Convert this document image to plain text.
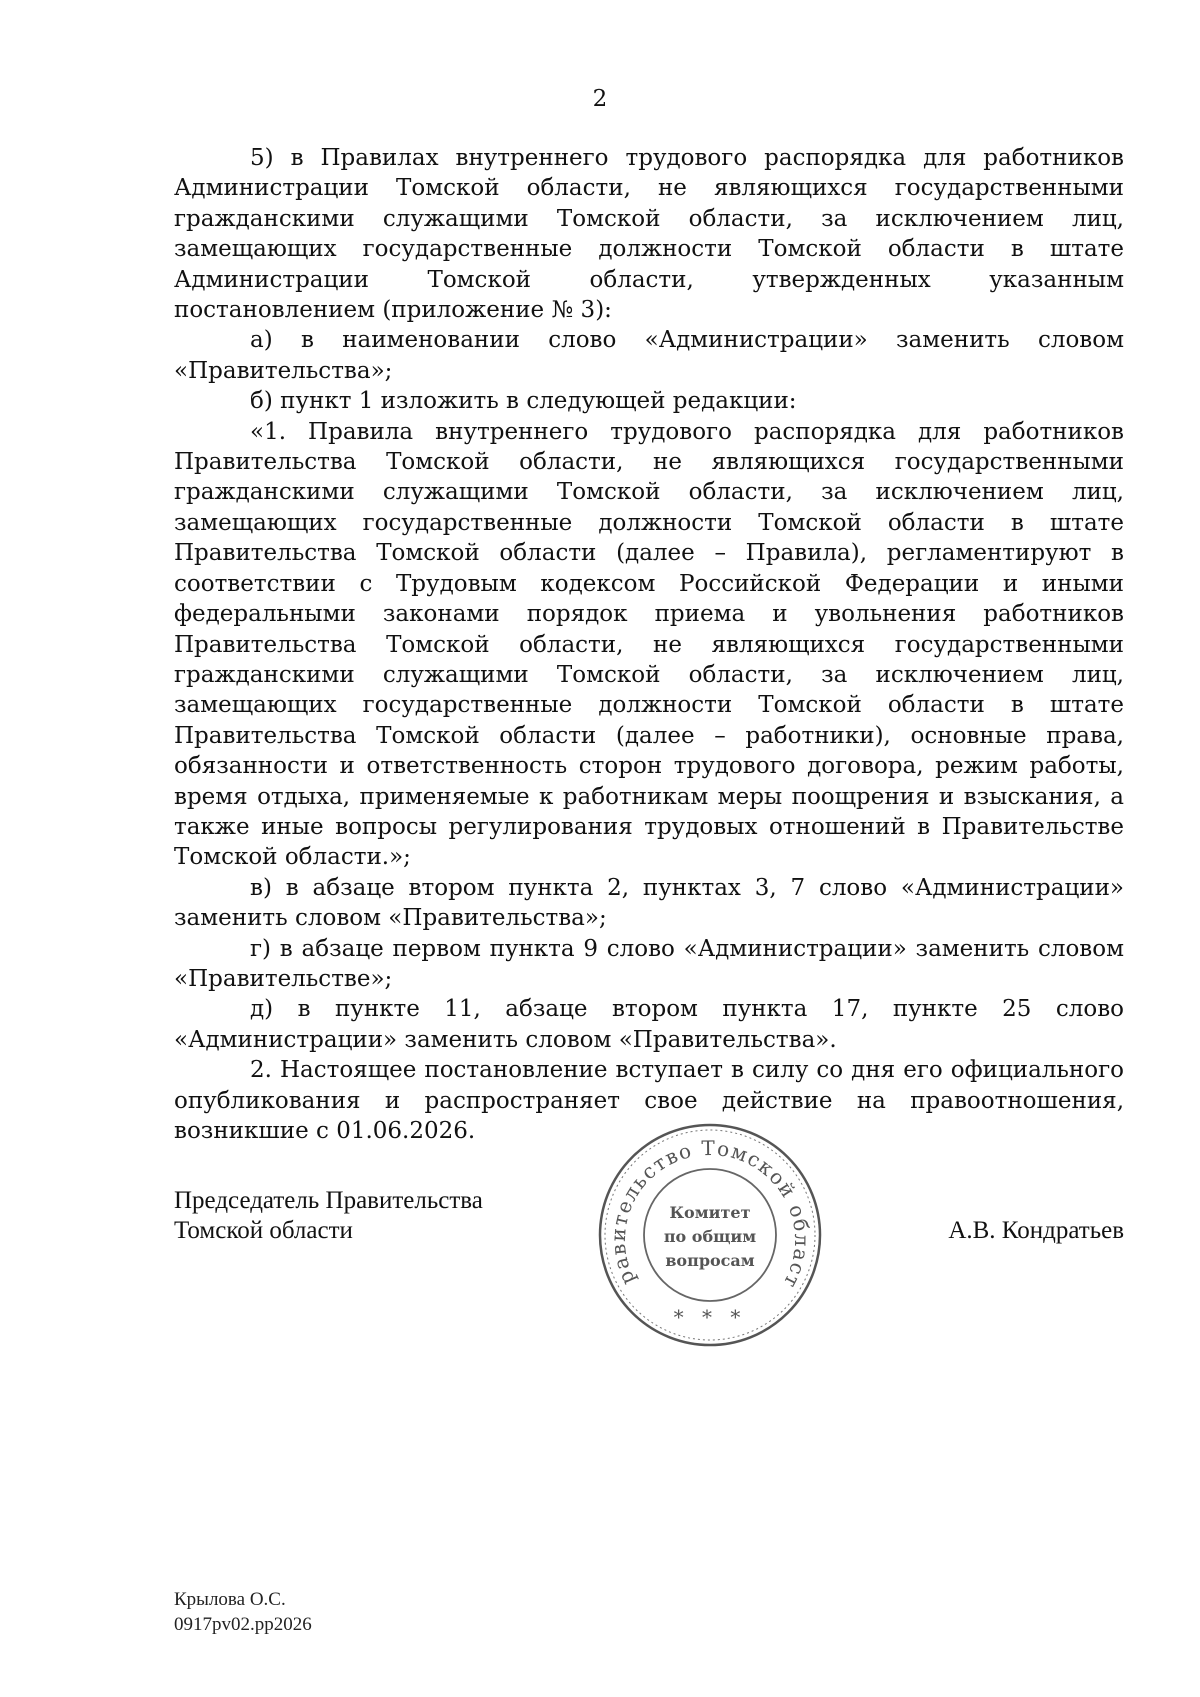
2

5) в Правилах внутреннего трудового распорядка для работников Администрации Томской области, не являющихся государственными гражданскими служащими Томской области, за исключением лиц, замещающих государственные должности Томской области в штате Администрации Томской области, утвержденных указанным постановлением (приложение № 3):

а) в наименовании слово «Администрации» заменить словом «Правительства»;

б) пункт 1 изложить в следующей редакции:

«1. Правила внутреннего трудового распорядка для работников Правительства Томской области, не являющихся государственными гражданскими служащими Томской области, за исключением лиц, замещающих государственные должности Томской области в штате Правительства Томской области (далее – Правила), регламентируют в соответствии с Трудовым кодексом Российской Федерации и иными федеральными законами порядок приема и увольнения работников Правительства Томской области, не являющихся государственными гражданскими служащими Томской области, за исключением лиц, замещающих государственные должности Томской области в штате Правительства Томской области (далее – работники), основные права, обязанности и ответственность сторон трудового договора, режим работы, время отдыха, применяемые к работникам меры поощрения и взыскания, а также иные вопросы регулирования трудовых отношений в Правительстве Томской области.»;

в) в абзаце втором пункта 2, пунктах 3, 7 слово «Администрации» заменить словом «Правительства»;

г) в абзаце первом пункта 9 слово «Администрации» заменить словом «Правительстве»;

д) в пункте 11, абзаце втором пункта 17, пункте 25 слово «Администрации» заменить словом «Правительства».

2. Настоящее постановление вступает в силу со дня его официального опубликования и распространяет свое действие на правоотношения, возникшие с 01.06.2026.

Председатель Правительства
Томской области	А.В. Кондратьев
равительство Томской област
Комитет
по общим
вопросам
* * *
Крылова О.С.
0917pv02.pp2026
